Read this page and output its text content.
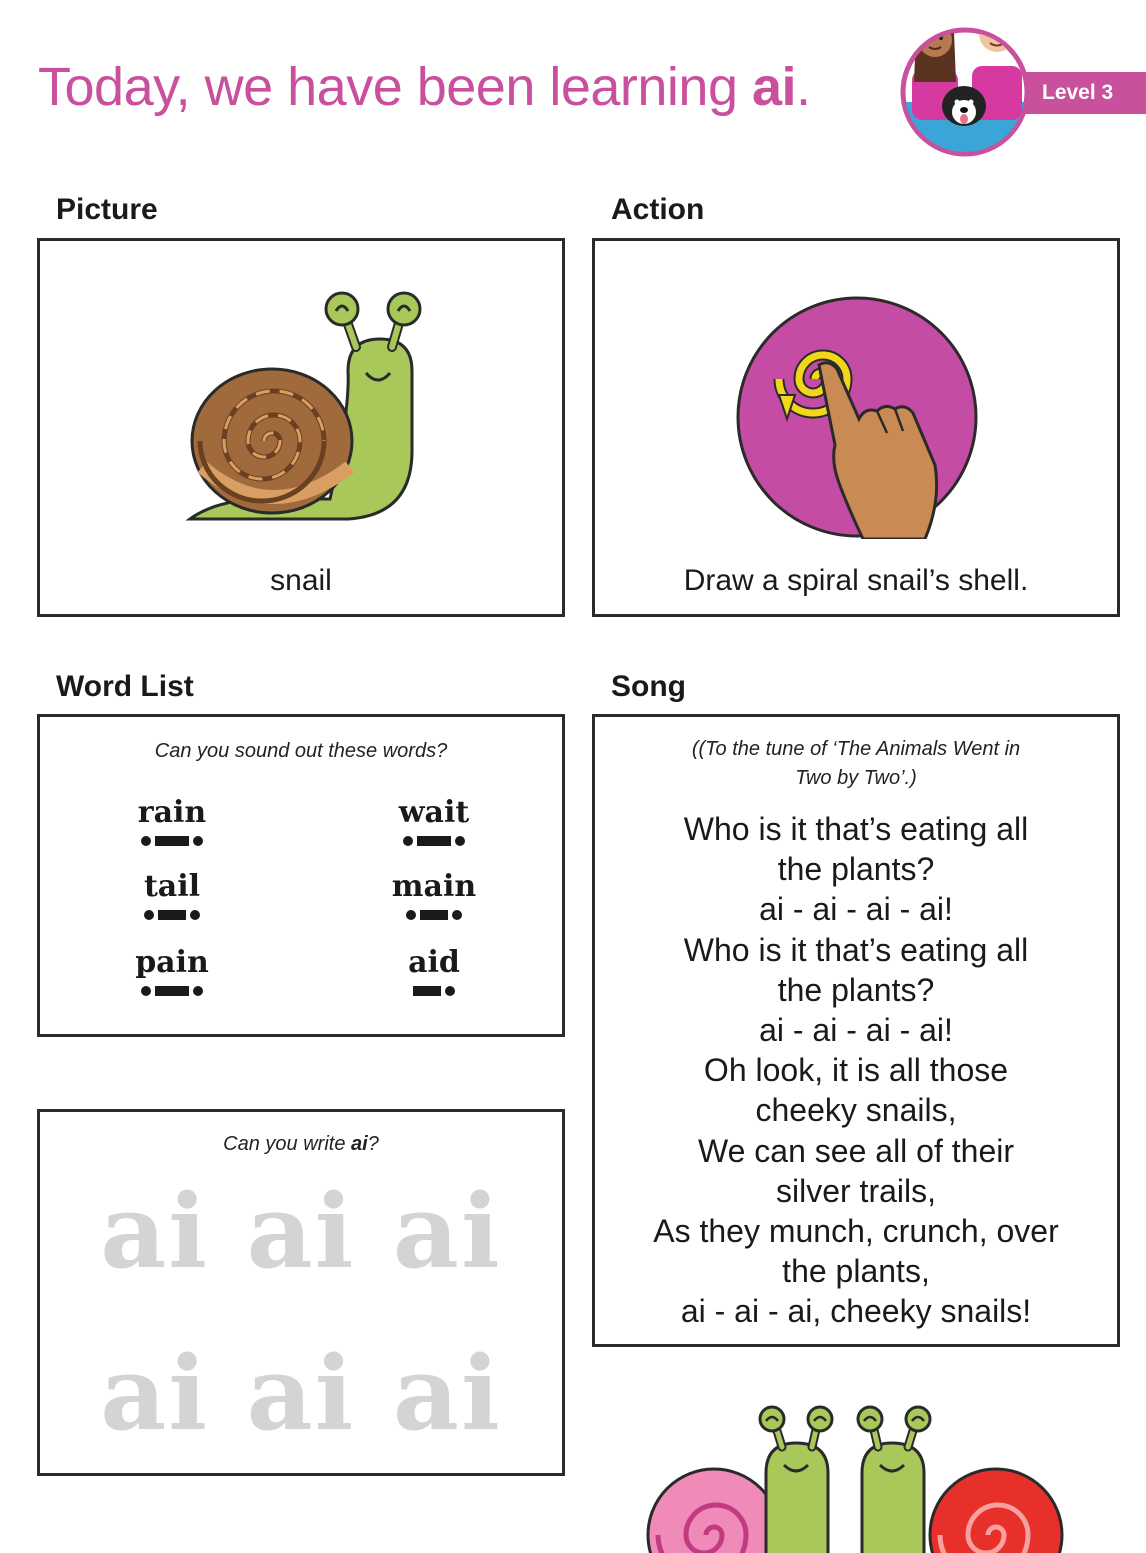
Today, we have been learning ai.	Level 3
Picture
snail
Action
Draw a spiral snail’s shell.
Word List
Can you sound out these words?
rain	wait
tail	main
pain	aid
Can you write ai?
ai ai ai
ai ai ai
Song
((To the tune of ‘The Animals Went in
Two by Two’.)
Who is it that’s eating all
the plants?
ai - ai - ai - ai!
Who is it that’s eating all
the plants?
ai - ai - ai - ai!
Oh look, it is all those
cheeky snails,
We can see all of their
silver trails,
As they munch, crunch, over
the plants,
ai - ai - ai, cheeky snails!
